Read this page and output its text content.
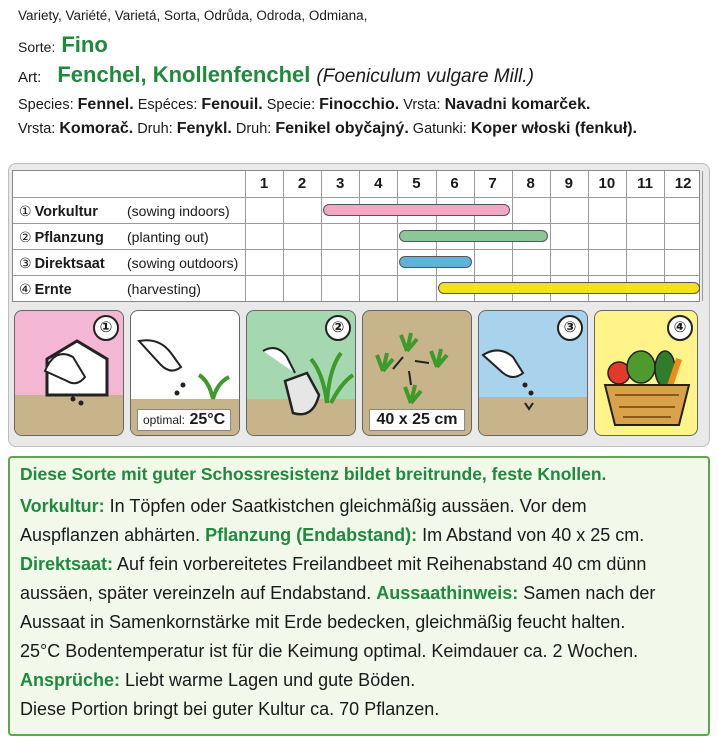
Variety, Variété, Varietá, Sorta, Odrůda, Odroda, Odmiana,
Sorte: Fino
Art: Fenchel, Knollenfenchel (Foeniculum vulgare Mill.)
Species: Fennel. Espéces: Fenouil. Specie: Finocchio. Vrsta: Navadni komarček.
Vrsta: Komorač. Druh: Fenykl. Druh: Fenikel obyčajný. Gatunki: Koper włoski (fenkuł).
① Vorkultur (sowing indoors)
② Pflanzung (planting out)
③ Direktsaat (sowing outdoors)
④ Ernte	(harvesting)
1	2	3	4	5	6	7	8	9	10	11	12
①
optimal: 25°C
②
40 x 25 cm
③	④
Diese Sorte mit guter Schossresistenz bildet breitrunde, feste Knollen.
Vorkultur: In Töpfen oder Saatkistchen gleichmäßig aussäen. Vor dem
Auspflanzen abhärten. Pflanzung (Endabstand): Im Abstand von 40 x 25 cm.
Direktsaat: Auf fein vorbereitetes Freilandbeet mit Reihenabstand 40 cm dünn
aussäen, später vereinzeln auf Endabstand. Aussaathinweis: Samen nach der
Aussaat in Samenkornstärke mit Erde bedecken, gleichmäßig feucht halten.
25°C Bodentemperatur ist für die Keimung optimal. Keimdauer ca. 2 Wochen.
Ansprüche: Liebt warme Lagen und gute Böden.
Diese Portion bringt bei guter Kultur ca. 70 Pflanzen.
